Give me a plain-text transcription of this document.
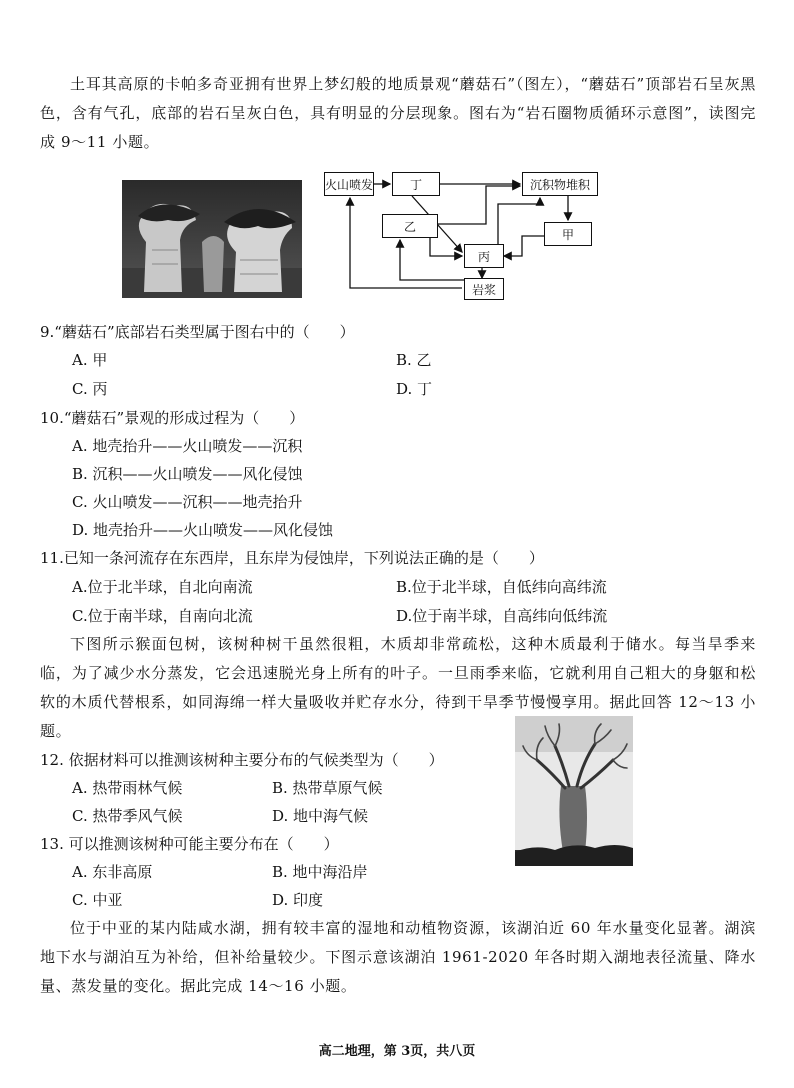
土耳其高原的卡帕多奇亚拥有世界上梦幻般的地质景观“蘑菇石”（图左），“蘑菇石”顶部岩石呈灰黑色，含有气孔，底部的岩石呈灰白色，具有明显的分层现象。图右为“岩石圈物质循环示意图”，读图完成 9～11 小题。

火山喷发	丁	沉积物堆积
乙
甲
丙
岩浆
9.“蘑菇石”底部岩石类型属于图右中的（　　）
A. 甲	B. 乙
C. 丙	D. 丁
10.“蘑菇石”景观的形成过程为（　　）
A. 地壳抬升——火山喷发——沉积
B. 沉积——火山喷发——风化侵蚀
C. 火山喷发——沉积——地壳抬升
D. 地壳抬升——火山喷发——风化侵蚀
11.已知一条河流存在东西岸，且东岸为侵蚀岸，下列说法正确的是（　　）
A.位于北半球，自北向南流	B.位于北半球，自低纬向高纬流
C.位于南半球，自南向北流	D.位于南半球，自高纬向低纬流

下图所示猴面包树，该树种树干虽然很粗，木质却非常疏松，这种木质最利于储水。每当旱季来临，为了减少水分蒸发，它会迅速脱光身上所有的叶子。一旦雨季来临，它就利用自己粗大的身躯和松软的木质代替根系，如同海绵一样大量吸收并贮存水分，待到干旱季节慢慢享用。据此回答 12～13 小题。

12. 依据材料可以推测该树种主要分布的气候类型为（　　）
A. 热带雨林气候	B. 热带草原气候
C. 热带季风气候	D. 地中海气候
13. 可以推测该树种可能主要分布在（　　）
A. 东非高原	B. 地中海沿岸
C. 中亚	D. 印度

位于中亚的某内陆咸水湖，拥有较丰富的湿地和动植物资源，该湖泊近 60 年水量变化显著。湖滨地下水与湖泊互为补给，但补给量较少。下图示意该湖泊 1961-2020 年各时期入湖地表径流量、降水量、蒸发量的变化。据此完成 14～16 小题。

高二地理，第 3页，共八页
